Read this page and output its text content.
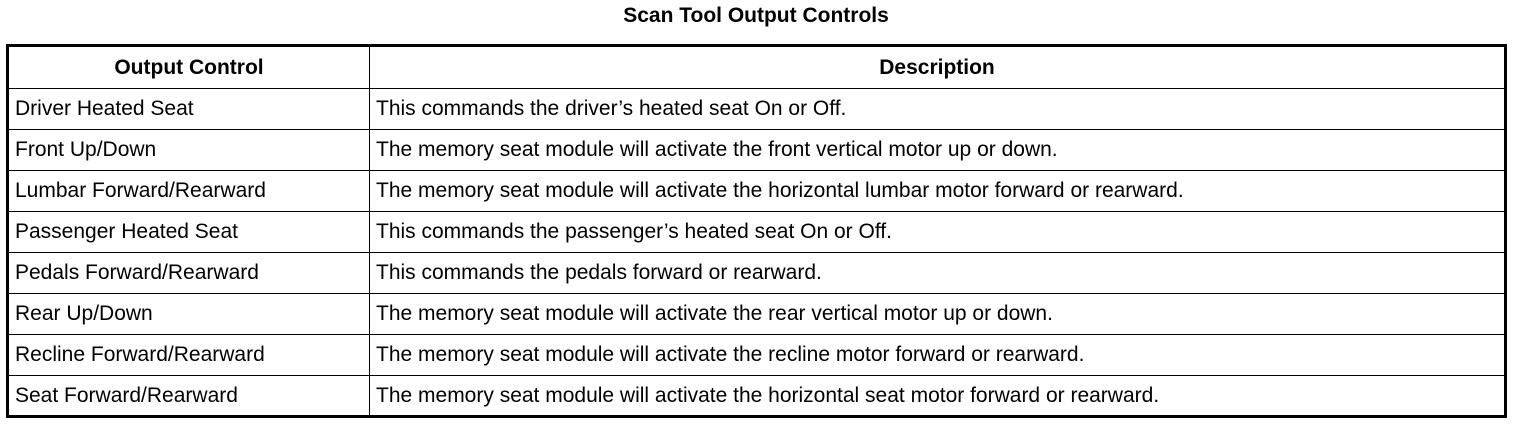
Scan Tool Output Controls
Output Control	Description
Driver Heated Seat	This commands the driver’s heated seat On or Off.
Front Up/Down	The memory seat module will activate the front vertical motor up or down.
Lumbar Forward/Rearward	The memory seat module will activate the horizontal lumbar motor forward or rearward.
Passenger Heated Seat	This commands the passenger’s heated seat On or Off.
Pedals Forward/Rearward	This commands the pedals forward or rearward.
Rear Up/Down	The memory seat module will activate the rear vertical motor up or down.
Recline Forward/Rearward	The memory seat module will activate the recline motor forward or rearward.
Seat Forward/Rearward	The memory seat module will activate the horizontal seat motor forward or rearward.
